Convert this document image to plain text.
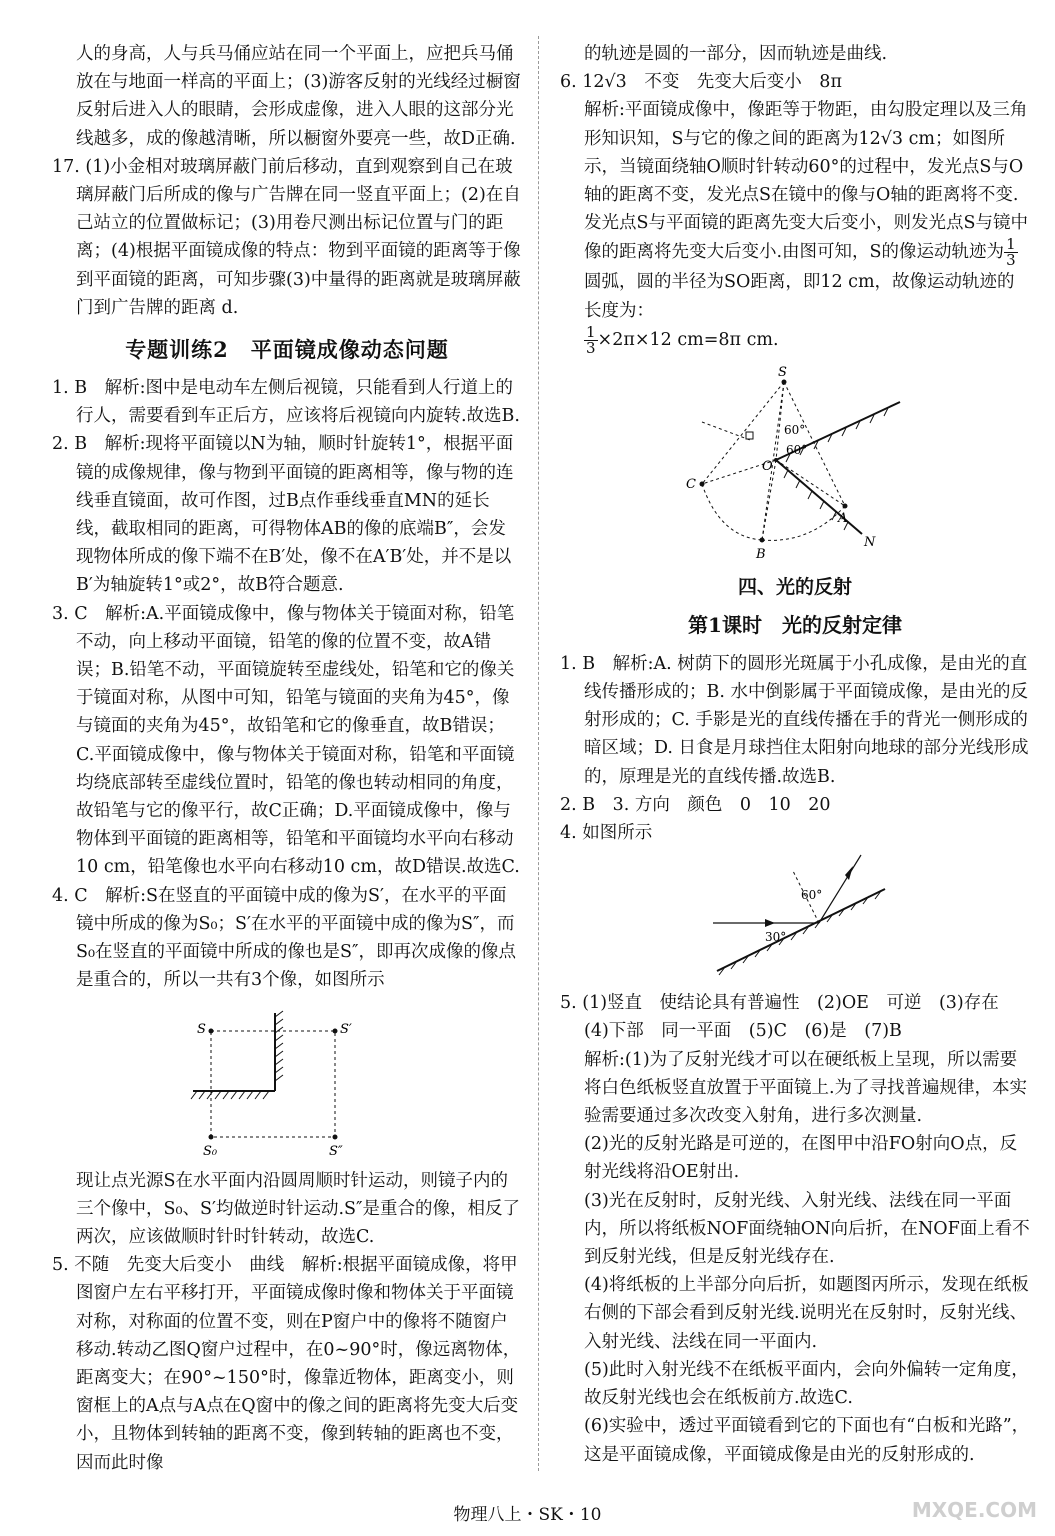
人的身高，人与兵马俑应站在同一个平面上，应把兵马俑放在与地面一样高的平面上；(3)游客反射的光线经过橱窗反射后进入人的眼睛，会形成虚像，进入人眼的这部分光线越多，成的像越清晰，所以橱窗外要亮一些，故D正确.

17. (1)小金相对玻璃屏蔽门前后移动，直到观察到自己在玻璃屏蔽门后所成的像与广告牌在同一竖直平面上；(2)在自己站立的位置做标记；(3)用卷尺测出标记位置与门的距离；(4)根据平面镜成像的特点：物到平面镜的距离等于像到平面镜的距离，可知步骤(3)中量得的距离就是玻璃屏蔽门到广告牌的距离 d.

专题训练2　平面镜成像动态问题

1. B　解析:图中是电动车左侧后视镜，只能看到人行道上的行人，需要看到车正后方，应该将后视镜向内旋转.故选B.

2. B　解析:现将平面镜以N为轴，顺时针旋转1°，根据平面镜的成像规律，像与物到平面镜的距离相等，像与物的连线垂直镜面，故可作图，过B点作垂线垂直MN的延长线，截取相同的距离，可得物体AB的像的底端B″，会发现物体所成的像下端不在B′处，像不在A′B′处，并不是以B′为轴旋转1°或2°，故B符合题意.

3. C　解析:A.平面镜成像中，像与物体关于镜面对称，铅笔不动，向上移动平面镜，铅笔的像的位置不变，故A错误；B.铅笔不动，平面镜旋转至虚线处，铅笔和它的像关于镜面对称，从图中可知，铅笔与镜面的夹角为45°，像与镜面的夹角为45°，故铅笔和它的像垂直，故B错误；C.平面镜成像中，像与物体关于镜面对称，铅笔和平面镜均绕底部转至虚线位置时，铅笔的像也转动相同的角度，故铅笔与它的像平行，故C正确；D.平面镜成像中，像与物体到平面镜的距离相等，铅笔和平面镜均水平向右移动10 cm，铅笔像也水平向右移动10 cm，故D错误.故选C.

4. C　解析:S在竖直的平面镜中成的像为S′，在水平的平面镜中所成的像为S₀；S′在水平的平面镜中成的像为S″，而S₀在竖直的平面镜中所成的像也是S″，即再次成像的像点是重合的，所以一共有3个像，如图所示

S	S′
S₀	S″

现让点光源S在水平面内沿圆周顺时针运动，则镜子内的三个像中，S₀、S′均做逆时针运动.S″是重合的像，相反了两次，应该做顺时针时针转动，故选C.

5. 不随　先变大后变小　曲线　解析:根据平面镜成像，将甲图窗户左右平移打开，平面镜成像时像和物体关于平面镜对称，对称面的位置不变，则在P窗户中的像将不随窗户移动.转动乙图Q窗户过程中，在0~90°时，像远离物体，距离变大；在90°~150°时，像靠近物体，距离变小，则窗框上的A点与A点在Q窗中的像之间的距离将先变大后变小，且物体到转轴的距离不变，像到转轴的距离也不变，因而此时像

的轨迹是圆的一部分，因而轨迹是曲线.

6. 12√3　不变　先变大后变小　8π

解析:平面镜成像中，像距等于物距，由勾股定理以及三角形知识知，S与它的像之间的距离为12√3 cm；如图所示，当镜面绕轴O顺时针转动60°的过程中，发光点S与O轴的距离不变，发光点S在镜中的像与O轴的距离将不变.发光点S与平面镜的距离先变大后变小，则发光点S与镜中像的距离将先变大后变小.由图可知，S的像运动轨迹为 $\frac{1}{3}$
圆弧，圆的半径为SO距离，即12 cm，故像运动轨迹的长度为：

$\frac{1}{3} \times 2\pi\times 12$ cm=8π cm.

S
O
C
B
A
N
60°
60°
四、光的反射
第1课时　光的反射定律

1. B　解析:A. 树荫下的圆形光斑属于小孔成像，是由光的直线传播形成的；B. 水中倒影属于平面镜成像，是由光的反射形成的；C. 手影是光的直线传播在手的背光一侧形成的暗区域；D. 日食是月球挡住太阳射向地球的部分光线形成的，原理是光的直线传播.故选B.

2. B　3. 方向　颜色　0　10　20

4. 如图所示

60°
30°

5. (1)竖直　使结论具有普遍性　(2)OE　可逆　(3)存在

(4)下部　同一平面　(5)C　(6)是　(7)B

解析:(1)为了反射光线才可以在硬纸板上呈现，所以需要将白色纸板竖直放置于平面镜上.为了寻找普遍规律，本实验需要通过多次改变入射角，进行多次测量.

(2)光的反射光路是可逆的，在图甲中沿FO射向O点，反射光线将沿OE射出.

(3)光在反射时，反射光线、入射光线、法线在同一平面内，所以将纸板NOF面绕轴ON向后折，在NOF面上看不到反射光线，但是反射光线存在.

(4)将纸板的上半部分向后折，如题图丙所示，发现在纸板右侧的下部会看到反射光线.说明光在反射时，反射光线、入射光线、法线在同一平面内.

(5)此时入射光线不在纸板平面内，会向外偏转一定角度，故反射光线也会在纸板前方.故选C.

(6)实验中，透过平面镜看到它的下面也有“白板和光路”，这是平面镜成像，平面镜成像是由光的反射形成的.

物理八上・SK・10	MXQE.COM
